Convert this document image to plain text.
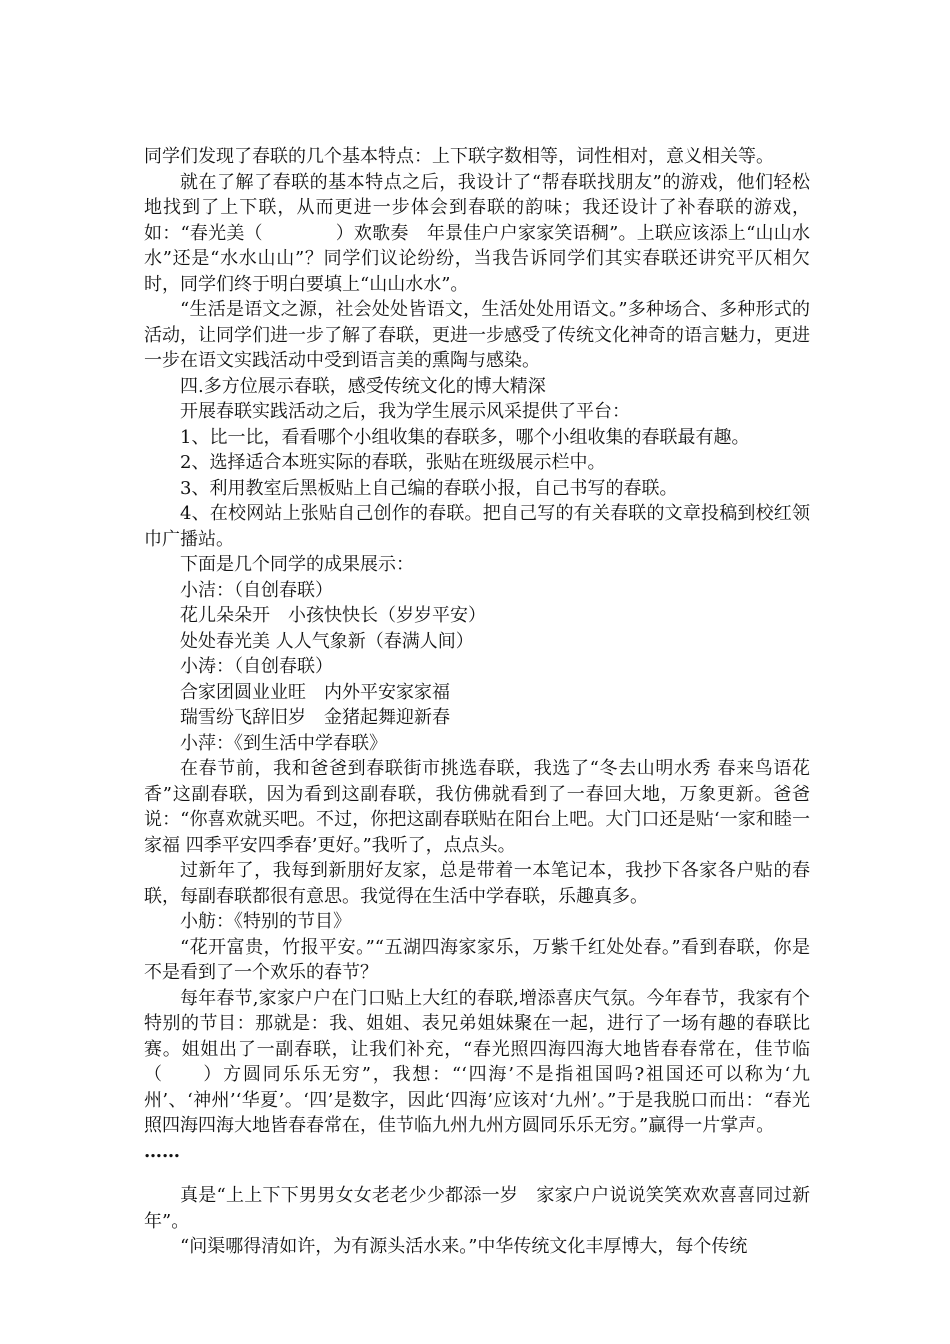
同学们发现了春联的几个基本特点：上下联字数相等，词性相对，意义相关等。

就在了解了春联的基本特点之后，我设计了“帮春联找朋友”的游戏，他们轻松地找到了上下联，从而更进一步体会到春联的韵味；我还设计了补春联的游戏，如：“春光美（　　　　）欢歌奏　年景佳户户家家笑语稠”。上联应该添上“山山水水”还是“水水山山”？同学们议论纷纷，当我告诉同学们其实春联还讲究平仄相欠时，同学们终于明白要填上“山山水水”。

“生活是语文之源，社会处处皆语文，生活处处用语文。”多种场合、多种形式的活动，让同学们进一步了解了春联，更进一步感受了传统文化神奇的语言魅力，更进一步在语文实践活动中受到语言美的熏陶与感染。

四.多方位展示春联，感受传统文化的博大精深

开展春联实践活动之后，我为学生展示风采提供了平台：

1、比一比，看看哪个小组收集的春联多，哪个小组收集的春联最有趣。

2、选择适合本班实际的春联，张贴在班级展示栏中。

3、利用教室后黑板贴上自己编的春联小报，自己书写的春联。

4、在校网站上张贴自己创作的春联。把自己写的有关春联的文章投稿到校红领巾广播站。

下面是几个同学的成果展示：

小洁：（自创春联）

花儿朵朵开　小孩快快长（岁岁平安）

处处春光美 人人气象新（春满人间）

小涛：（自创春联）

合家团圆业业旺　内外平安家家福

瑞雪纷飞辞旧岁　金猪起舞迎新春

小萍：《到生活中学春联》

在春节前，我和爸爸到春联街市挑选春联，我选了“冬去山明水秀 春来鸟语花香”这副春联，因为看到这副春联，我仿佛就看到了一春回大地，万象更新。爸爸说：“你喜欢就买吧。不过，你把这副春联贴在阳台上吧。大门口还是贴‘一家和睦一家福 四季平安四季春’更好。”我听了，点点头。

过新年了，我每到新朋好友家，总是带着一本笔记本，我抄下各家各户贴的春联，每副春联都很有意思。我觉得在生活中学春联，乐趣真多。

小舫：《特别的节目》

“花开富贵，竹报平安。”“五湖四海家家乐，万紫千红处处春。”看到春联，你是不是看到了一个欢乐的春节？

每年春节,家家户户在门口贴上大红的春联,增添喜庆气氛。今年春节，我家有个特别的节目：那就是：我、姐姐、表兄弟姐妹聚在一起，进行了一场有趣的春联比赛。姐姐出了一副春联，让我们补充，“春光照四海四海大地皆春春常在，佳节临（　　）方圆同乐乐无穷”，我想：“‘四海’不是指祖国吗?祖国还可以称为‘九州’、‘神州’‘华夏’。‘四’是数字，因此‘四海’应该对‘九州’。”于是我脱口而出：“春光照四海四海大地皆春春常在，佳节临九州九州方圆同乐乐无穷。”赢得一片掌声。

……

真是“上上下下男男女女老老少少都添一岁　家家户户说说笑笑欢欢喜喜同过新年”。

“问渠哪得清如许，为有源头活水来。”中华传统文化丰厚博大，每个传统
